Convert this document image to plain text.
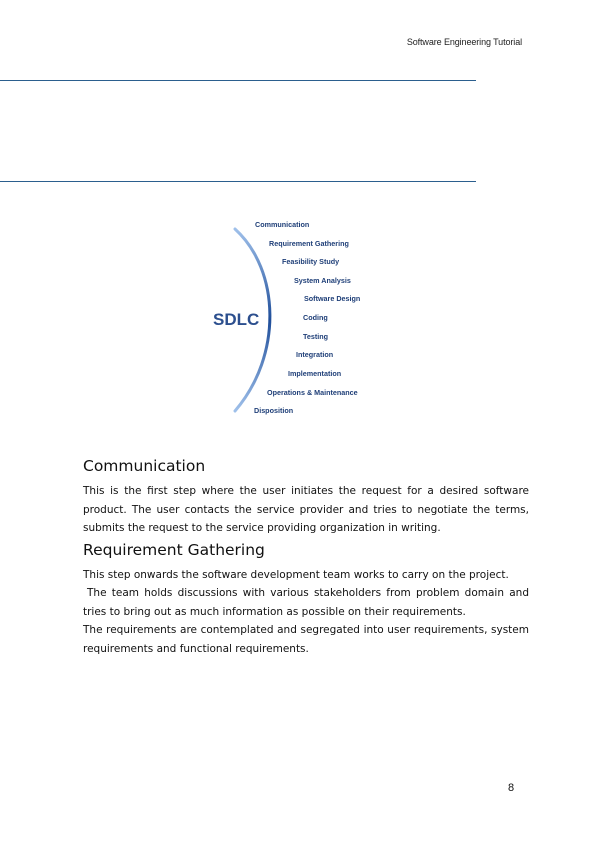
Software Engineering Tutorial
SDLC
Communication
Requirement Gathering
Feasibility Study
System Analysis
Software Design
Coding
Testing
Integration
Implementation
Operations & Maintenance
Disposition
Communication

This is the first step where the user initiates the request for a desired software product. The user contacts the service provider and tries to negotiate the terms, submits the request to the service providing organization in writing.

Requirement Gathering

This step onwards the software development team works to carry on the project.

The team holds discussions with various stakeholders from problem domain and tries to bring out as much information as possible on their requirements.

The requirements are contemplated and segregated into user requirements, system requirements and functional requirements.

8
